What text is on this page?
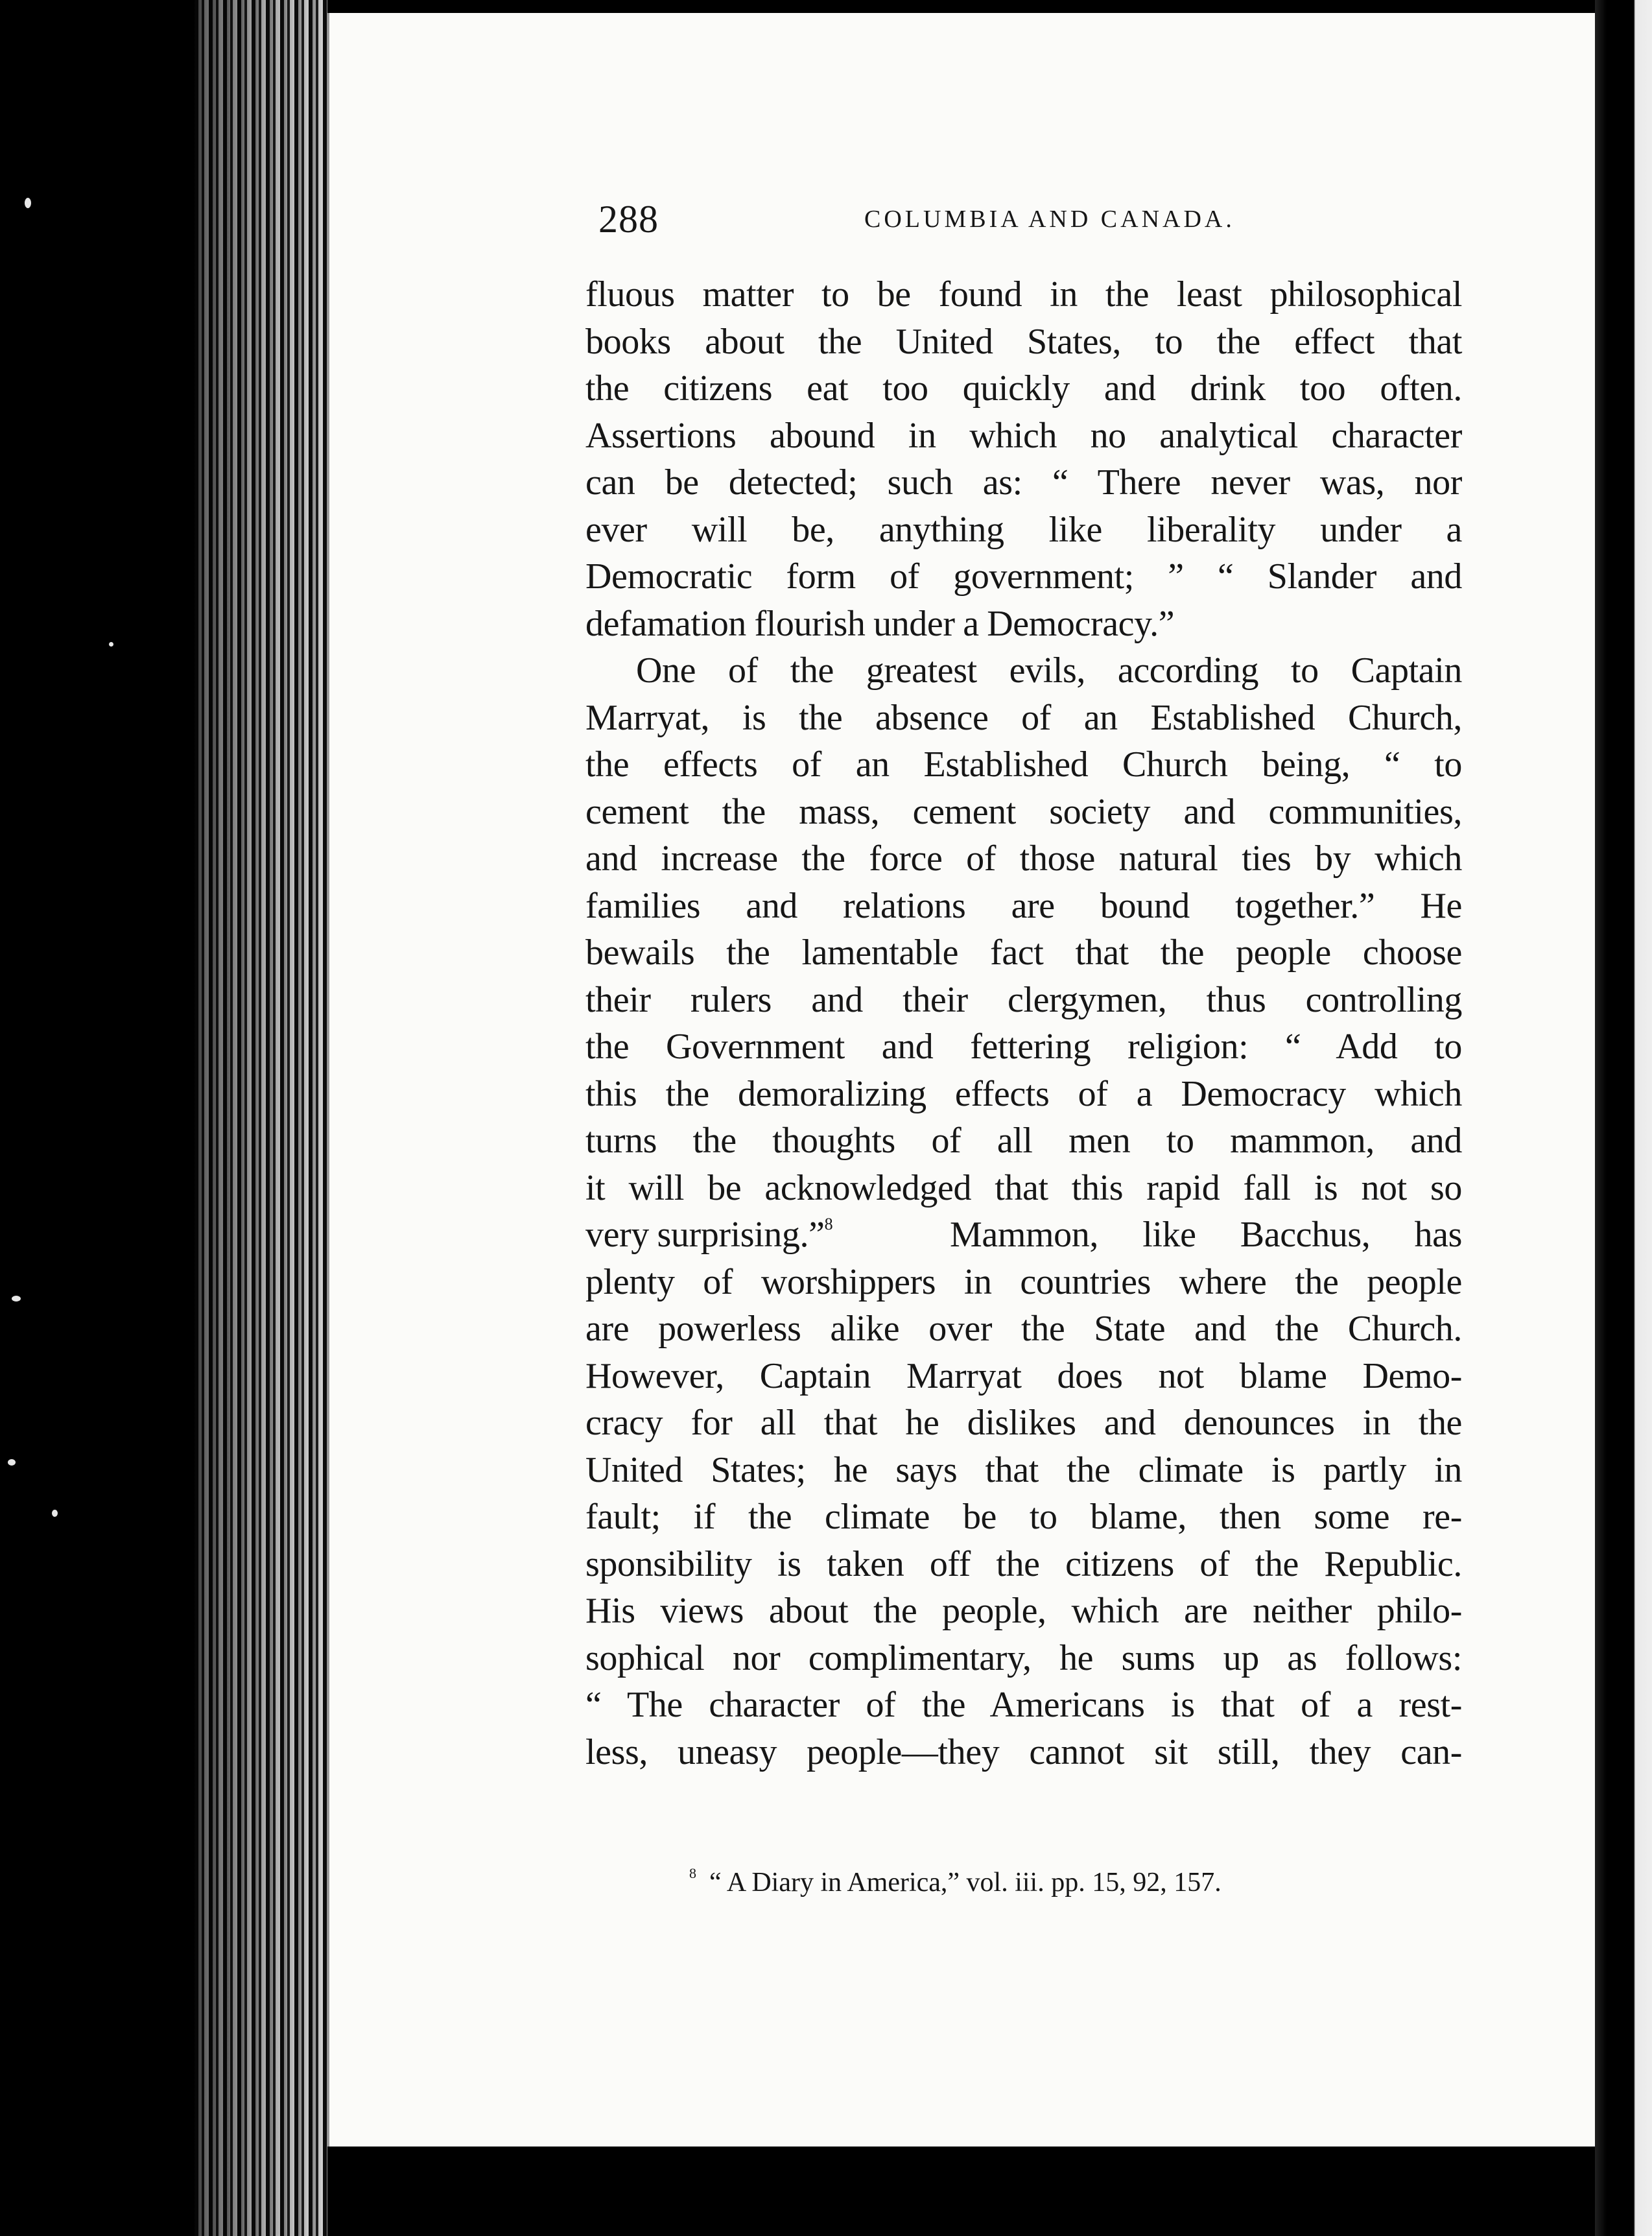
288	COLUMBIA AND CANADA.
fluous matter to be found in the least philosophical
books about the United States, to the effect that
the citizens eat too quickly and drink too often.
Assertions abound in which no analytical character
can be detected; such as: “ There never was, nor
ever will be, anything like liberality under a
Democratic form of government; ” “ Slander and
defamation flourish under a Democracy.”
One of the greatest evils, according to Captain
Marryat, is the absence of an Established Church,
the effects of an Established Church being, “ to
cement the mass, cement society and communities,
and increase the force of those natural ties by which
families and relations are bound together.” He
bewails the lamentable fact that the people choose
their rulers and their clergymen, thus controlling
the Government and fettering religion: “ Add to
this the demoralizing effects of a Democracy which
turns the thoughts of all men to mammon, and
it will be acknowledged that this rapid fall is not so
very surprising.”$^8$	Mammon, like Bacchus, has
plenty of worshippers in countries where the people
are powerless alike over the State and the Church.
However, Captain Marryat does not blame Demo-
cracy for all that he dislikes and denounces in the
United States; he says that the climate is partly in
fault; if the climate be to blame, then some re-
sponsibility is taken off the citizens of the Republic.
His views about the people, which are neither philo-
sophical nor complimentary, he sums up as follows:
“ The character of the Americans is that of a rest-
less, uneasy people—they cannot sit still, they can-
$^8$ “ A Diary in America,” vol. iii. pp. 15, 92, 157.
